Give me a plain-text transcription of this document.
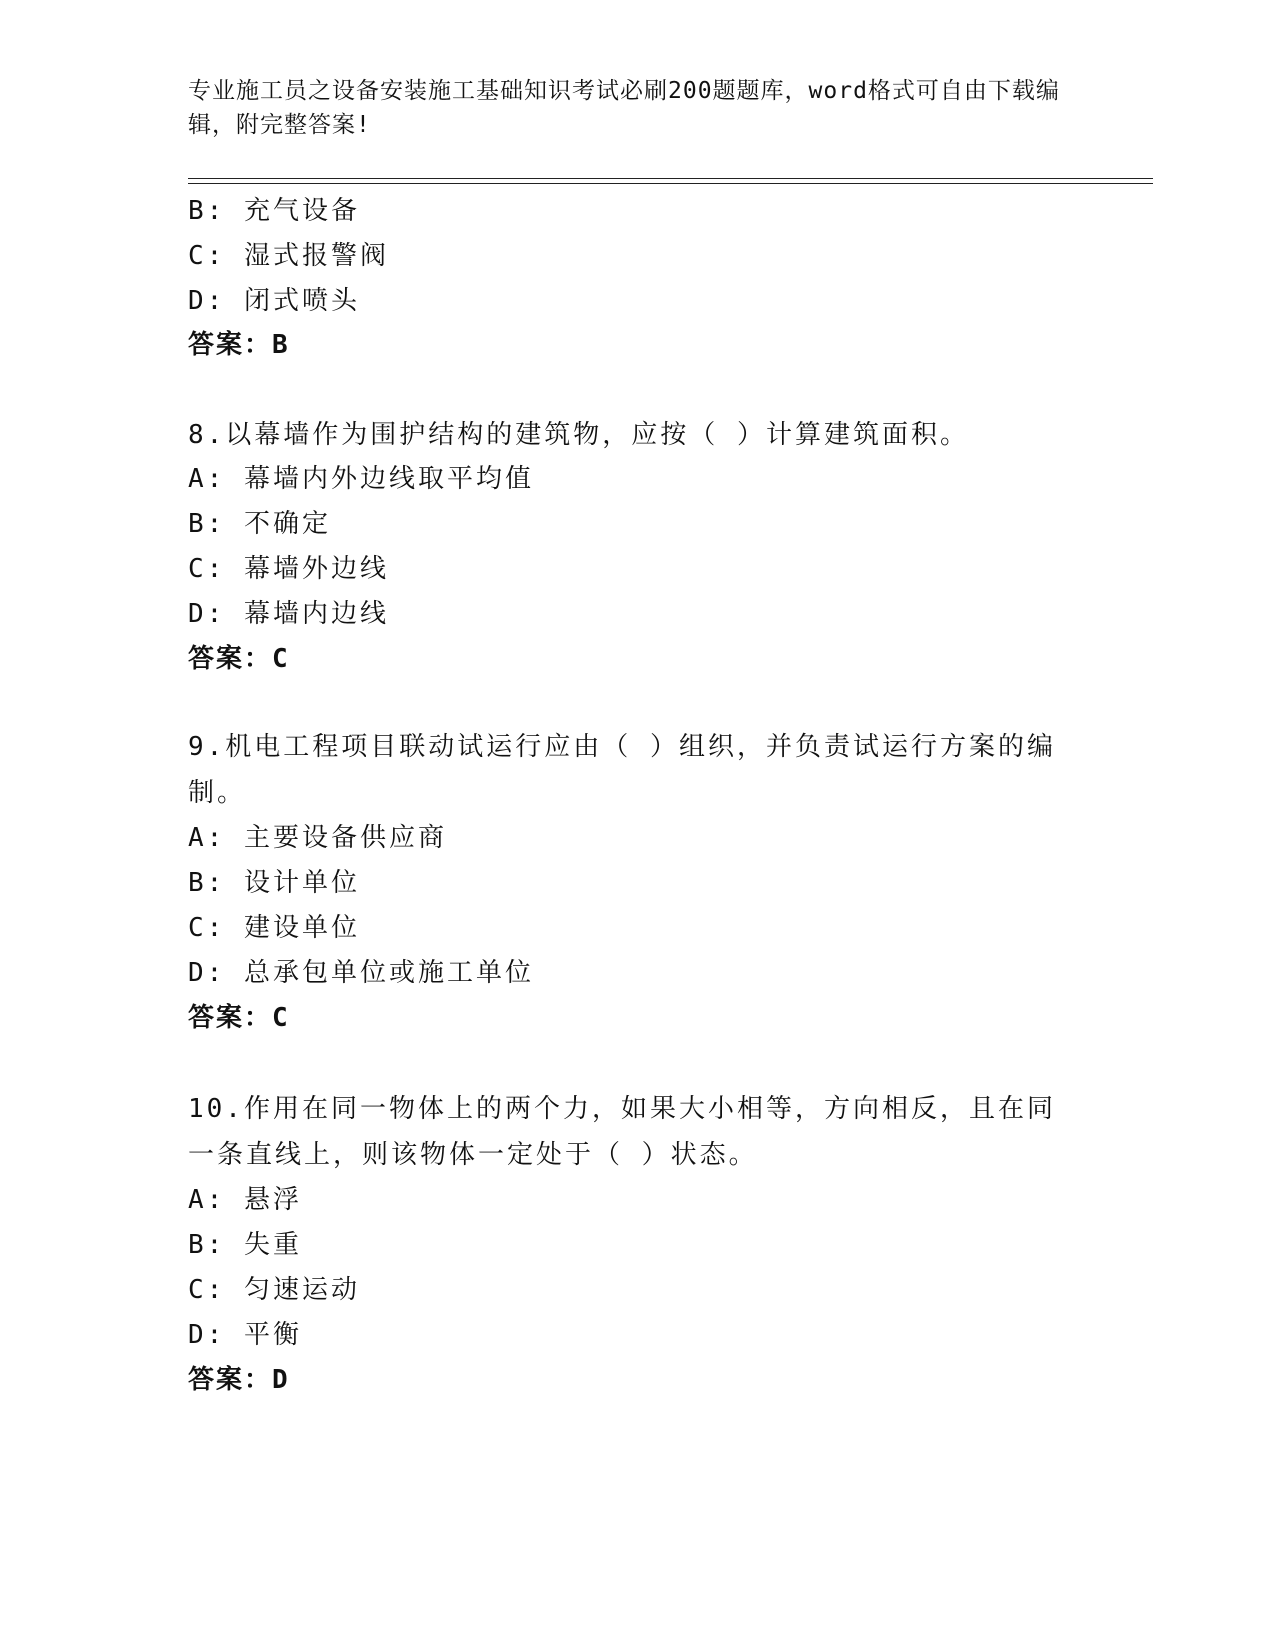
专业施工员之设备安装施工基础知识考试必刷200题题库，word格式可自由下载编辑，附完整答案!
B: 充气设备
C: 湿式报警阀
D: 闭式喷头
答案：B
8.以幕墙作为围护结构的建筑物，应按（ ）计算建筑面积。
A: 幕墙内外边线取平均值
B: 不确定
C: 幕墙外边线
D: 幕墙内边线
答案：C
9.机电工程项目联动试运行应由（ ）组织，并负责试运行方案的编制。
A: 主要设备供应商
B: 设计单位
C: 建设单位
D: 总承包单位或施工单位
答案：C
10.作用在同一物体上的两个力，如果大小相等，方向相反，且在同一条直线上，则该物体一定处于（ ）状态。
A: 悬浮
B: 失重
C: 匀速运动
D: 平衡
答案：D
